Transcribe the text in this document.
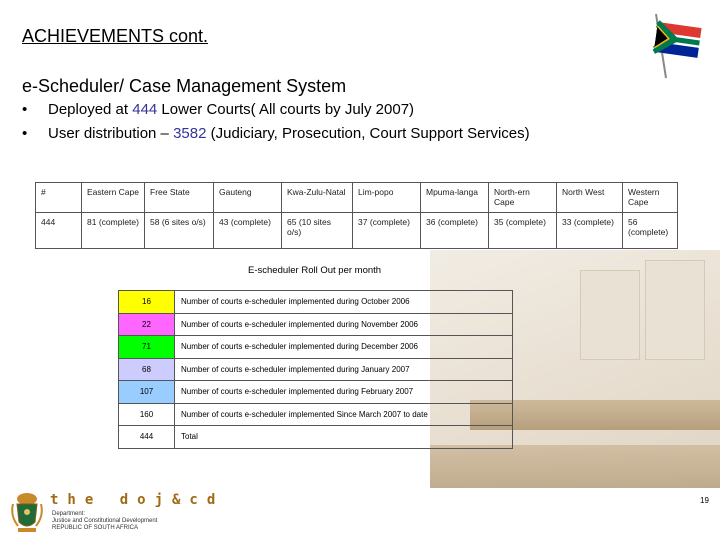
ACHIEVEMENTS cont.
e-Scheduler/ Case Management System
•	Deployed at 444 Lower Courts( All courts by July 2007)
•	User distribution – 3582 (Judiciary, Prosecution, Court Support Services)
#	Eastern Cape	Free State	Gauteng	Kwa-Zulu-Natal	Lim-popo	Mpuma-langa	North-ern Cape	North West	Western Cape
444	81 (complete)	58 (6 sites o/s)	43 (complete)	65 (10 sites o/s)	37 (complete)	36 (complete)	35 (complete)	33 (complete)	56 (complete)
E-scheduler Roll Out per month
16	Number of courts e-scheduler implemented during October 2006
22	Number of courts e-scheduler implemented during November 2006
71	Number of courts e-scheduler implemented during December 2006
68	Number of courts e-scheduler implemented during January 2007
107	Number of courts e-scheduler implemented during February 2007
160	Number of courts e-scheduler implemented Since March 2007 to date
444	Total
the doj&cd
Department:
Justice and Constitutional Development
REPUBLIC OF SOUTH AFRICA
19
